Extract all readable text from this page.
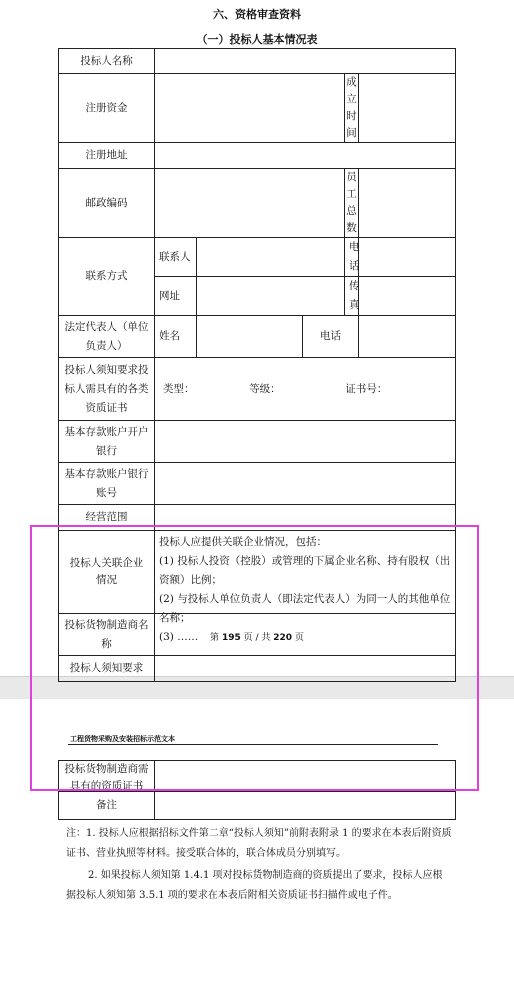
六、资格审查资料
（一）投标人基本情况表
投标人名称					
注册资金				成立时间	
注册地址					
邮政编码				员工总数	
联系方式	联系人			电话	
	网址			传真	
法定代表人（单位负责人）	姓名		电话		
投标人须知要求投标人需具有的各类资质证书	类型： 等级： 证书号：				
基本存款账户开户银行					
基本存款账户银行账号					
经营范围					
投标人关联企业情况	投标人应提供关联企业情况，包括：
(1) 投标人投资（控股）或管理的下属企业名称、持有股权（出资额）比例；
(2) 与投标人单位负责人（即法定代表人）为同一人的其他单位名称；
(3) ……				

投标货物制造商名称					
投标人须知要求					
第 195 页 / 共 220 页
工程货物采购及安装招标示范文本
投标货物制造商需具有的资质证书	

备注	
注：1. 投标人应根据招标文件第二章“投标人须知”前附表附录 1 的要求在本表后附资质证书、营业执照等材料。接受联合体的，联合体成员分别填写。
2. 如果投标人须知第 1.4.1 项对投标货物制造商的资质提出了要求，投标人应根据投标人须知第 3.5.1 项的要求在本表后附相关资质证书扫描件或电子件。
